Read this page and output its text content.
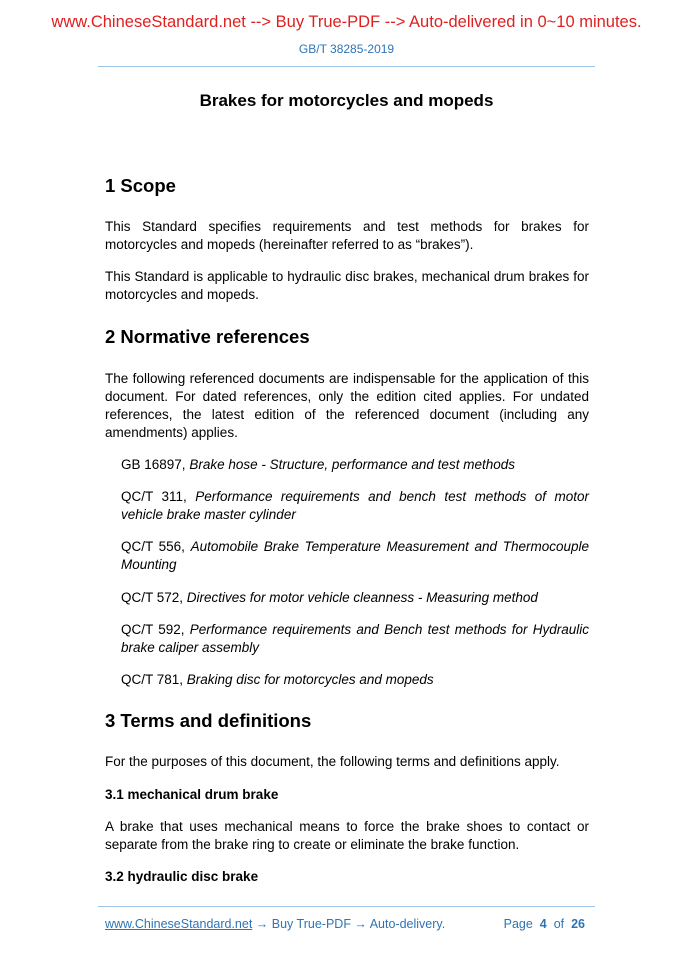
www.ChineseStandard.net --> Buy True-PDF --> Auto-delivered in 0~10 minutes.
GB/T 38285-2019
Brakes for motorcycles and mopeds
1 Scope

This Standard specifies requirements and test methods for brakes for motorcycles and mopeds (hereinafter referred to as “brakes”).

This Standard is applicable to hydraulic disc brakes, mechanical drum brakes for motorcycles and mopeds.

2 Normative references

The following referenced documents are indispensable for the application of this document. For dated references, only the edition cited applies. For undated references, the latest edition of the referenced document (including any amendments) applies.

GB 16897, Brake hose - Structure, performance and test methods

QC/T 311, Performance requirements and bench test methods of motor vehicle brake master cylinder

QC/T 556, Automobile Brake Temperature Measurement and Thermocouple Mounting

QC/T 572, Directives for motor vehicle cleanness - Measuring method

QC/T 592, Performance requirements and Bench test methods for Hydraulic brake caliper assembly

QC/T 781, Braking disc for motorcycles and mopeds

3 Terms and definitions

For the purposes of this document, the following terms and definitions apply.

3.1 mechanical drum brake

A brake that uses mechanical means to force the brake shoes to contact or separate from the brake ring to create or eliminate the brake function.

3.2 hydraulic disc brake
www.ChineseStandard.net → Buy True-PDF → Auto-delivery.	Page 4 of 26
